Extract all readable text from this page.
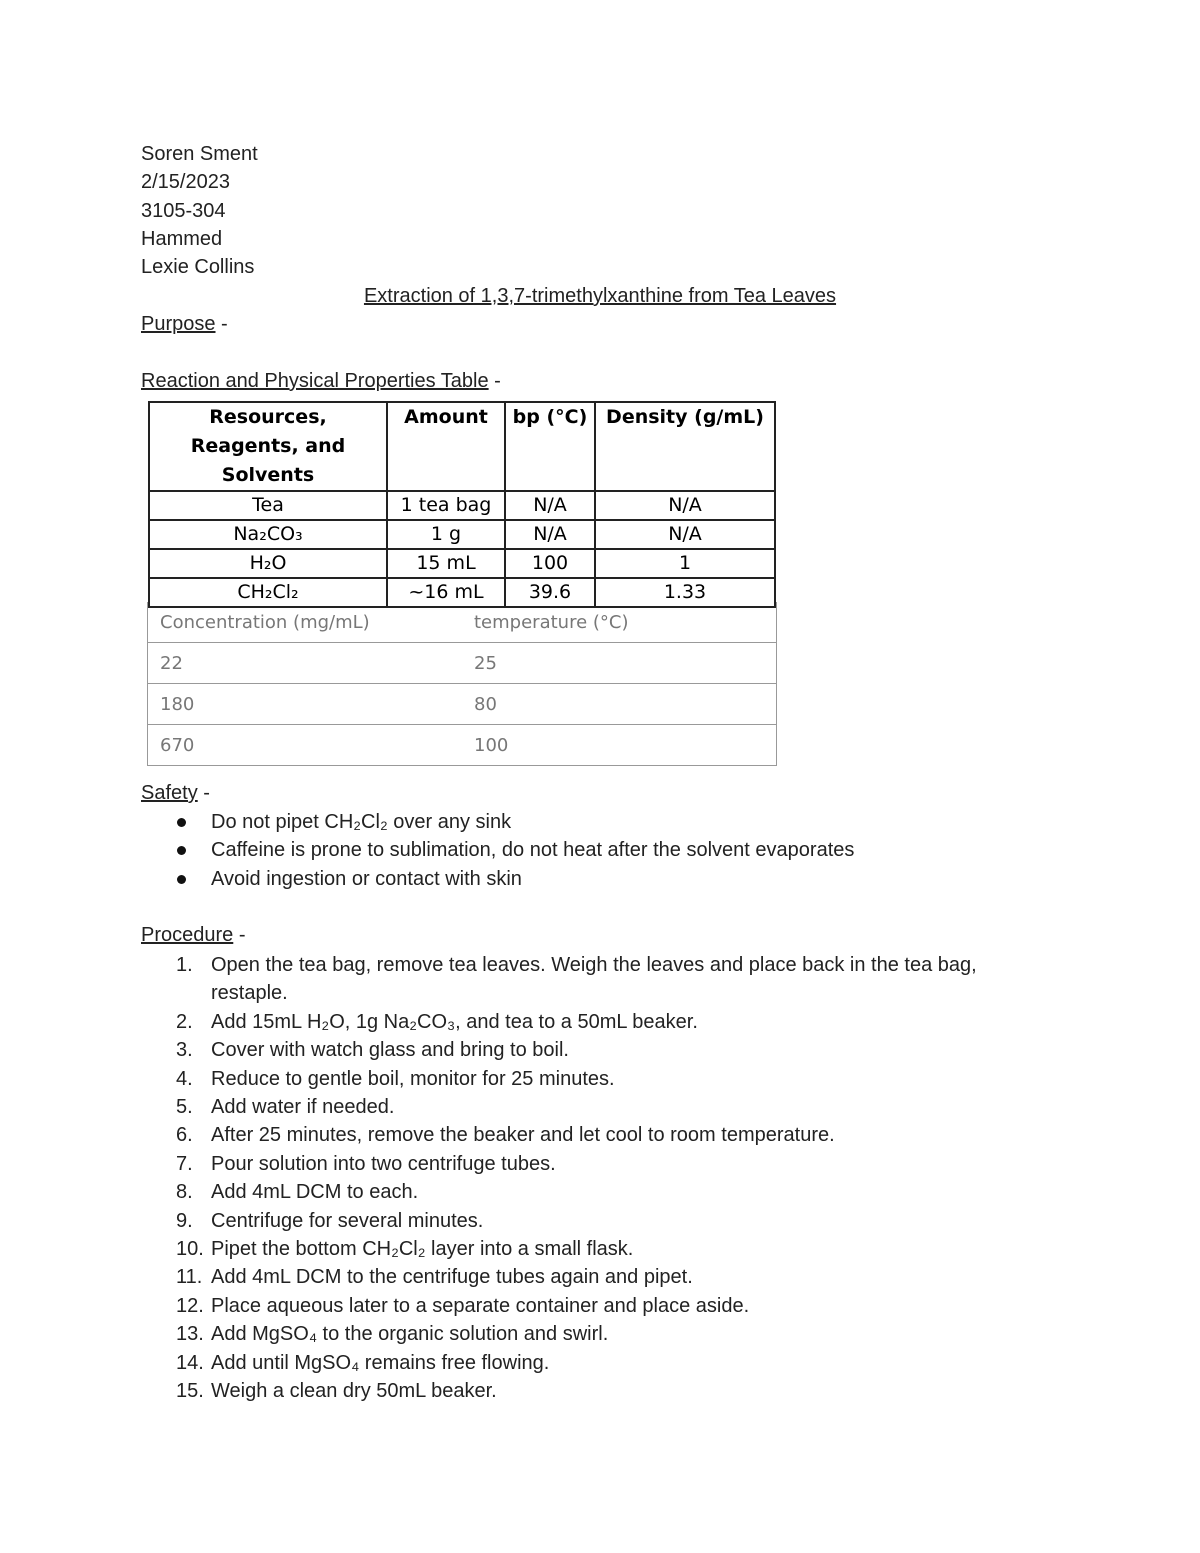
Soren Sment
2/15/2023
3105-304
Hammed
Lexie Collins
Extraction of 1,3,7-trimethylxanthine from Tea Leaves
Purpose -
Reaction and Physical Properties Table -
Resources, Reagents, and Solvents	Amount	bp (°C)	Density (g/mL)
Tea	1 tea bag	N/A	N/A
Na₂CO₃	1 g	N/A	N/A
H₂O	15 mL	100	1
CH₂Cl₂	~16 mL	39.6	1.33
Concentration (mg/mL)	temperature (°C)
22	25
180	80
670	100
Safety -
Do not pipet CH₂Cl₂ over any sink
Caffeine is prone to sublimation, do not heat after the solvent evaporates
Avoid ingestion or contact with skin
Procedure -
1. Open the tea bag, remove tea leaves. Weigh the leaves and place back in the tea bag, restaple.
2. Add 15mL H₂O, 1g Na₂CO₃, and tea to a 50mL beaker.
3. Cover with watch glass and bring to boil.
4. Reduce to gentle boil, monitor for 25 minutes.
5. Add water if needed.
6. After 25 minutes, remove the beaker and let cool to room temperature.
7. Pour solution into two centrifuge tubes.
8. Add 4mL DCM to each.
9. Centrifuge for several minutes.
10. Pipet the bottom CH₂Cl₂ layer into a small flask.
11. Add 4mL DCM to the centrifuge tubes again and pipet.
12. Place aqueous later to a separate container and place aside.
13. Add MgSO₄ to the organic solution and swirl.
14. Add until MgSO₄ remains free flowing.
15. Weigh a clean dry 50mL beaker.
